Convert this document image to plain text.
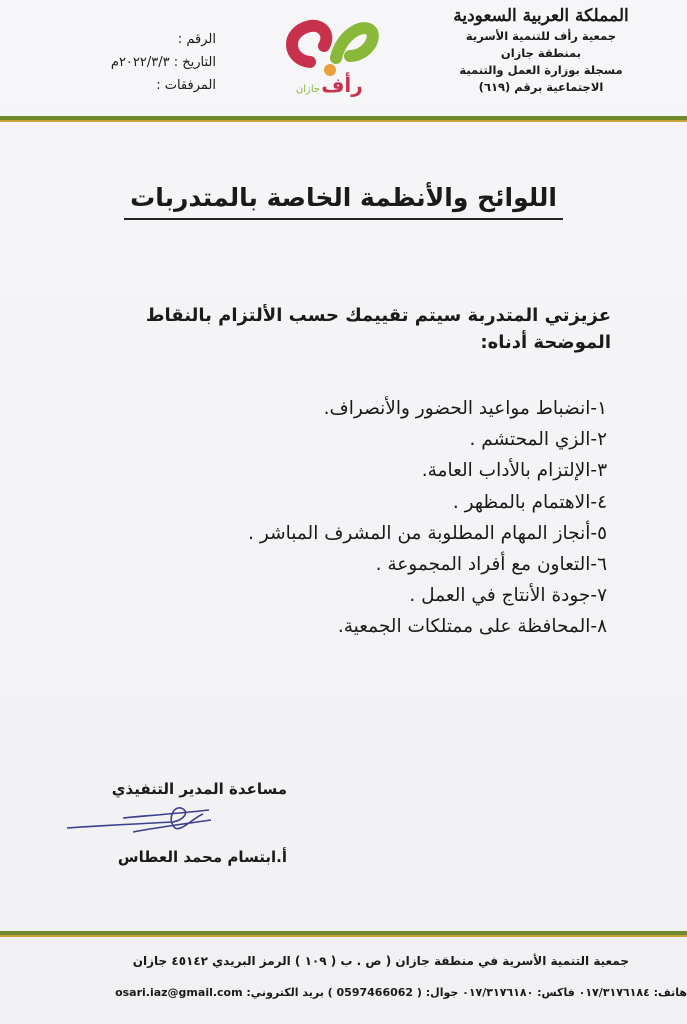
المملكة العربية السعودية
جمعية رأف للتنمية الأسرية
بمنطقة جازان
مسجلة بوزارة العمل والتنمية
الاجتماعية برقم (٦١٩)
رأف
جازان
الرقم :
التاريخ : ٢٠٢٢/٣/٣م
المرفقات :
اللوائح والأنظمة الخاصة بالمتدربات
عزيزتي المتدربة سيتم تقييمك حسب الألتزام بالنقاط الموضحة أدناه:
١-انضباط مواعيد الحضور والأنصراف.
٢-الزي المحتشم .
٣-الإلتزام بالأداب العامة.
٤-الاهتمام بالمظهر .
٥-أنجاز المهام المطلوبة من المشرف المباشر .
٦-التعاون مع أفراد المجموعة .
٧-جودة الأنتاج في العمل .
٨-المحافظة على ممتلكات الجمعية.
مساعدة المدير التنفيذي
أ.ابتسام محمد العطاس
جمعية التنمية الأسرية في منطقة جازان ( ص . ب ( ١٠٩ ) الرمز البريدي ٤٥١٤٢ جازان
هاتف: ٠١٧/٣١٧٦١٨٤ فاكس: ٠١٧/٣١٧٦١٨٠ جوال: ( 0597466062 ) بريد الكتروني: osari.iaz@gmail.com
